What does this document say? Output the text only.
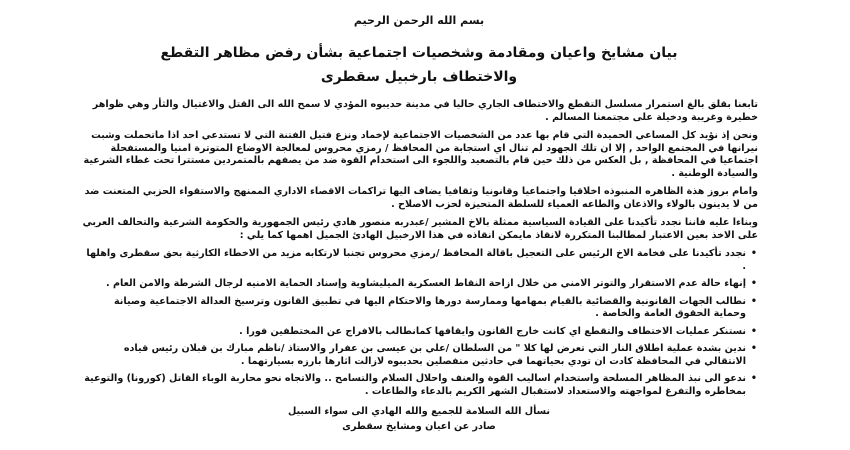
بسم الله الرحمن الرحيم
بيان مشايخ واعيان ومقادمة وشخصيات اجتماعية بشأن رفض مظاهر التقطع
والاختطاف بارخبيل سقطرى

تابعنا بقلق بالغ استمرار مسلسل التقطع والاختطاف الجاري حاليا في مدينة حديبوه المؤدي لا سمح الله الى القتل والاغتيال والثأر وهي ظواهر خطيرة وغريبة ودخيلة على مجتمعنا المسالم .

ونحن إذ نؤيد كل المساعي الحميدة التي قام بها عدد من الشخصيات الاجتماعية لإخماد ونزع فتيل الفتنة التي لا تستدعي احد اذا ماتحملت وشبت نيرانها في المجتمع الواحد , إلا ان تلك الجهود لم تنال اي استجابة من المحافظ / رمزي محروس لمعالجة الاوضاع المتوترة امنيا والمستفحلة اجتماعيا في المحافظة , بل العكس من ذلك حين قام بالتصعيد واللجوء الى استخدام القوة ضد من يصفهم بالمتمردين مستترا تحت غطاء الشرعية والسيادة الوطنية .

وامام بروز هذة الظاهره المنبوذه اخلاقيا واجتماعيا وقانونيا وثقافيا يضاف اليها تراكمات الاقصاء الاداري الممنهج والاستقواء الحزبي المتعنت ضد من لا يدينون بالولاء والاذعان والطاعه العمياء للسلطة المتحيزة لحزب الاصلاح .

وبناءا عليه فاننا نجدد تأكيدنا على القيادة السياسية ممثلة بالاخ المشير /عبدربه منصور هادي رئيس الجمهورية والحكومة الشرعية والتحالف العربي على الاخذ بعين الاعتبار لمطالبنا المتكررة لانقاذ مايمكن انقاذه في هذا الارخبيل الهادئ الجميل اهمها كما يلي :

• نجدد تأكيدنا على فخامة الاخ الرئيس على التعجيل باقالة المحافظ /رمزي محروس تجنبا لارتكابه مزيد من الاخطاء الكارثية بحق سقطرى واهلها .
• إنهاء حالة عدم الاستقرار والتوتر الامني من خلال ازاحة النقاط العسكرية الميليشاوية وإسناد الحماية الامنيه لرجال الشرطة والامن العام .
• نطالب الجهات القانونية والقضائية بالقيام بمهامها وممارسة دورها والاحتكام اليها في تطبيق القانون وترسيخ العدالة الاجتماعية وصيانة وحماية الحقوق العامة والخاصة .
• نستنكر عمليات الاختطاف والتقطع اي كانت خارج القانون وايقافها كمانطالب بالافراج عن المختطفين فورا .
• ندين بشدة عملية اطلاق النار التي تعرض لها كلا " من السلطان /علي بن عيسى بن عفرار والاستاذ /ناظم مبارك بن قبلان رئيس قياده الانتقالي في المحافظة كادت ان تودي بحياتهما في حادثين منفصلين بحديبوه لازالت اثارها بارزه بسيارتهما .
• ندعو الى نبذ المظاهر المسلحة واستخدام اساليب القوة والعنف واحلال السلام والتسامح .. والاتجاه نحو محاربة الوباء القاتل (كورونا) والتوعية بمخاطره والتفرغ لمواجهته والاستعداد لاستقبال الشهر الكريم بالدعاء والطاعات .
نسأل الله السلامة للجميع والله الهادي الى سواء السبيل
صادر عن اعيان ومشايخ سقطرى
